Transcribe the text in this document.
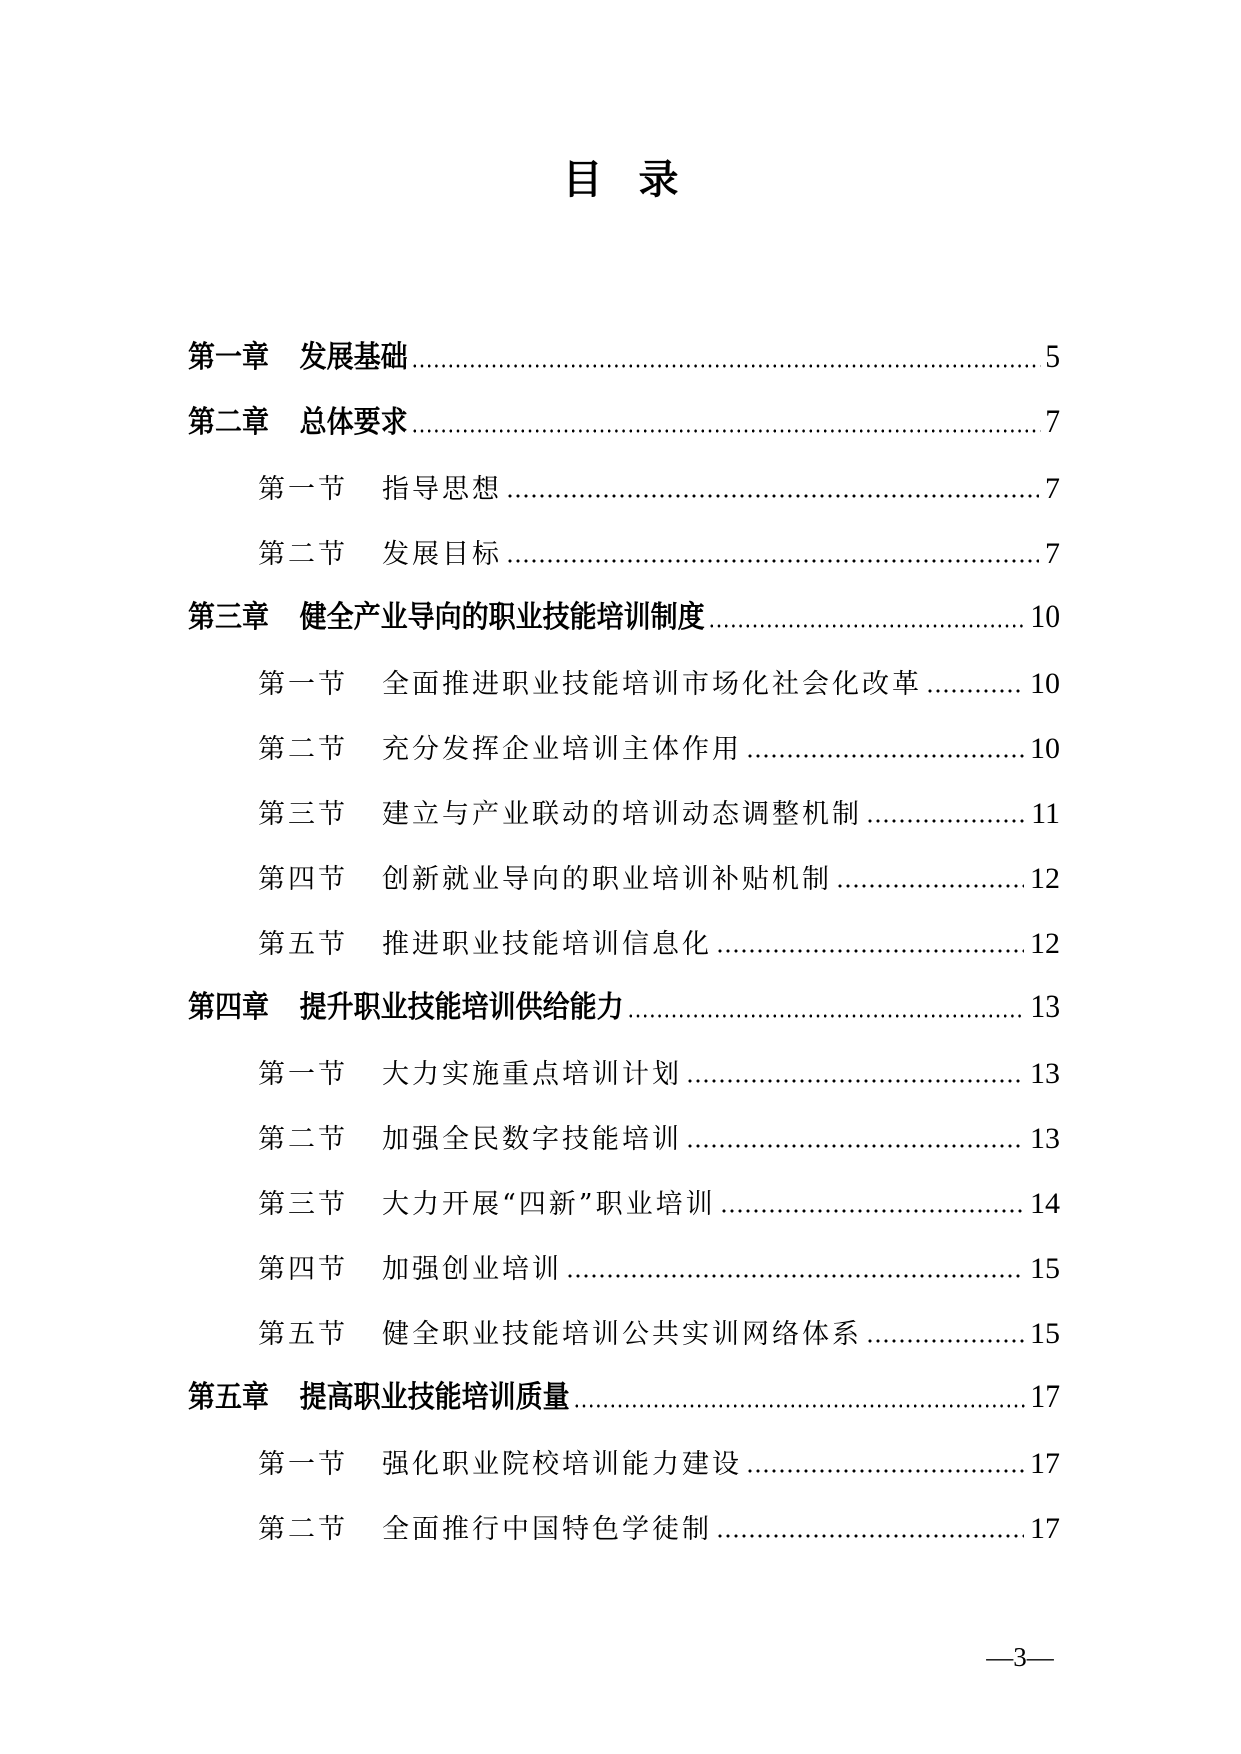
目录
第一章 发展基础	5
第二章 总体要求	7
第一节 指导思想	7
第二节 发展目标	7
第三章 健全产业导向的职业技能培训制度	10
第一节 全面推进职业技能培训市场化社会化改革	10
第二节 充分发挥企业培训主体作用	10
第三节 建立与产业联动的培训动态调整机制	11
第四节 创新就业导向的职业培训补贴机制	12
第五节 推进职业技能培训信息化	12
第四章 提升职业技能培训供给能力	13
第一节 大力实施重点培训计划	13
第二节 加强全民数字技能培训	13
第三节 大力开展“四新”职业培训	14
第四节 加强创业培训	15
第五节 健全职业技能培训公共实训网络体系	15
第五章 提高职业技能培训质量	17
第一节 强化职业院校培训能力建设	17
第二节 全面推行中国特色学徒制	17
—3—
